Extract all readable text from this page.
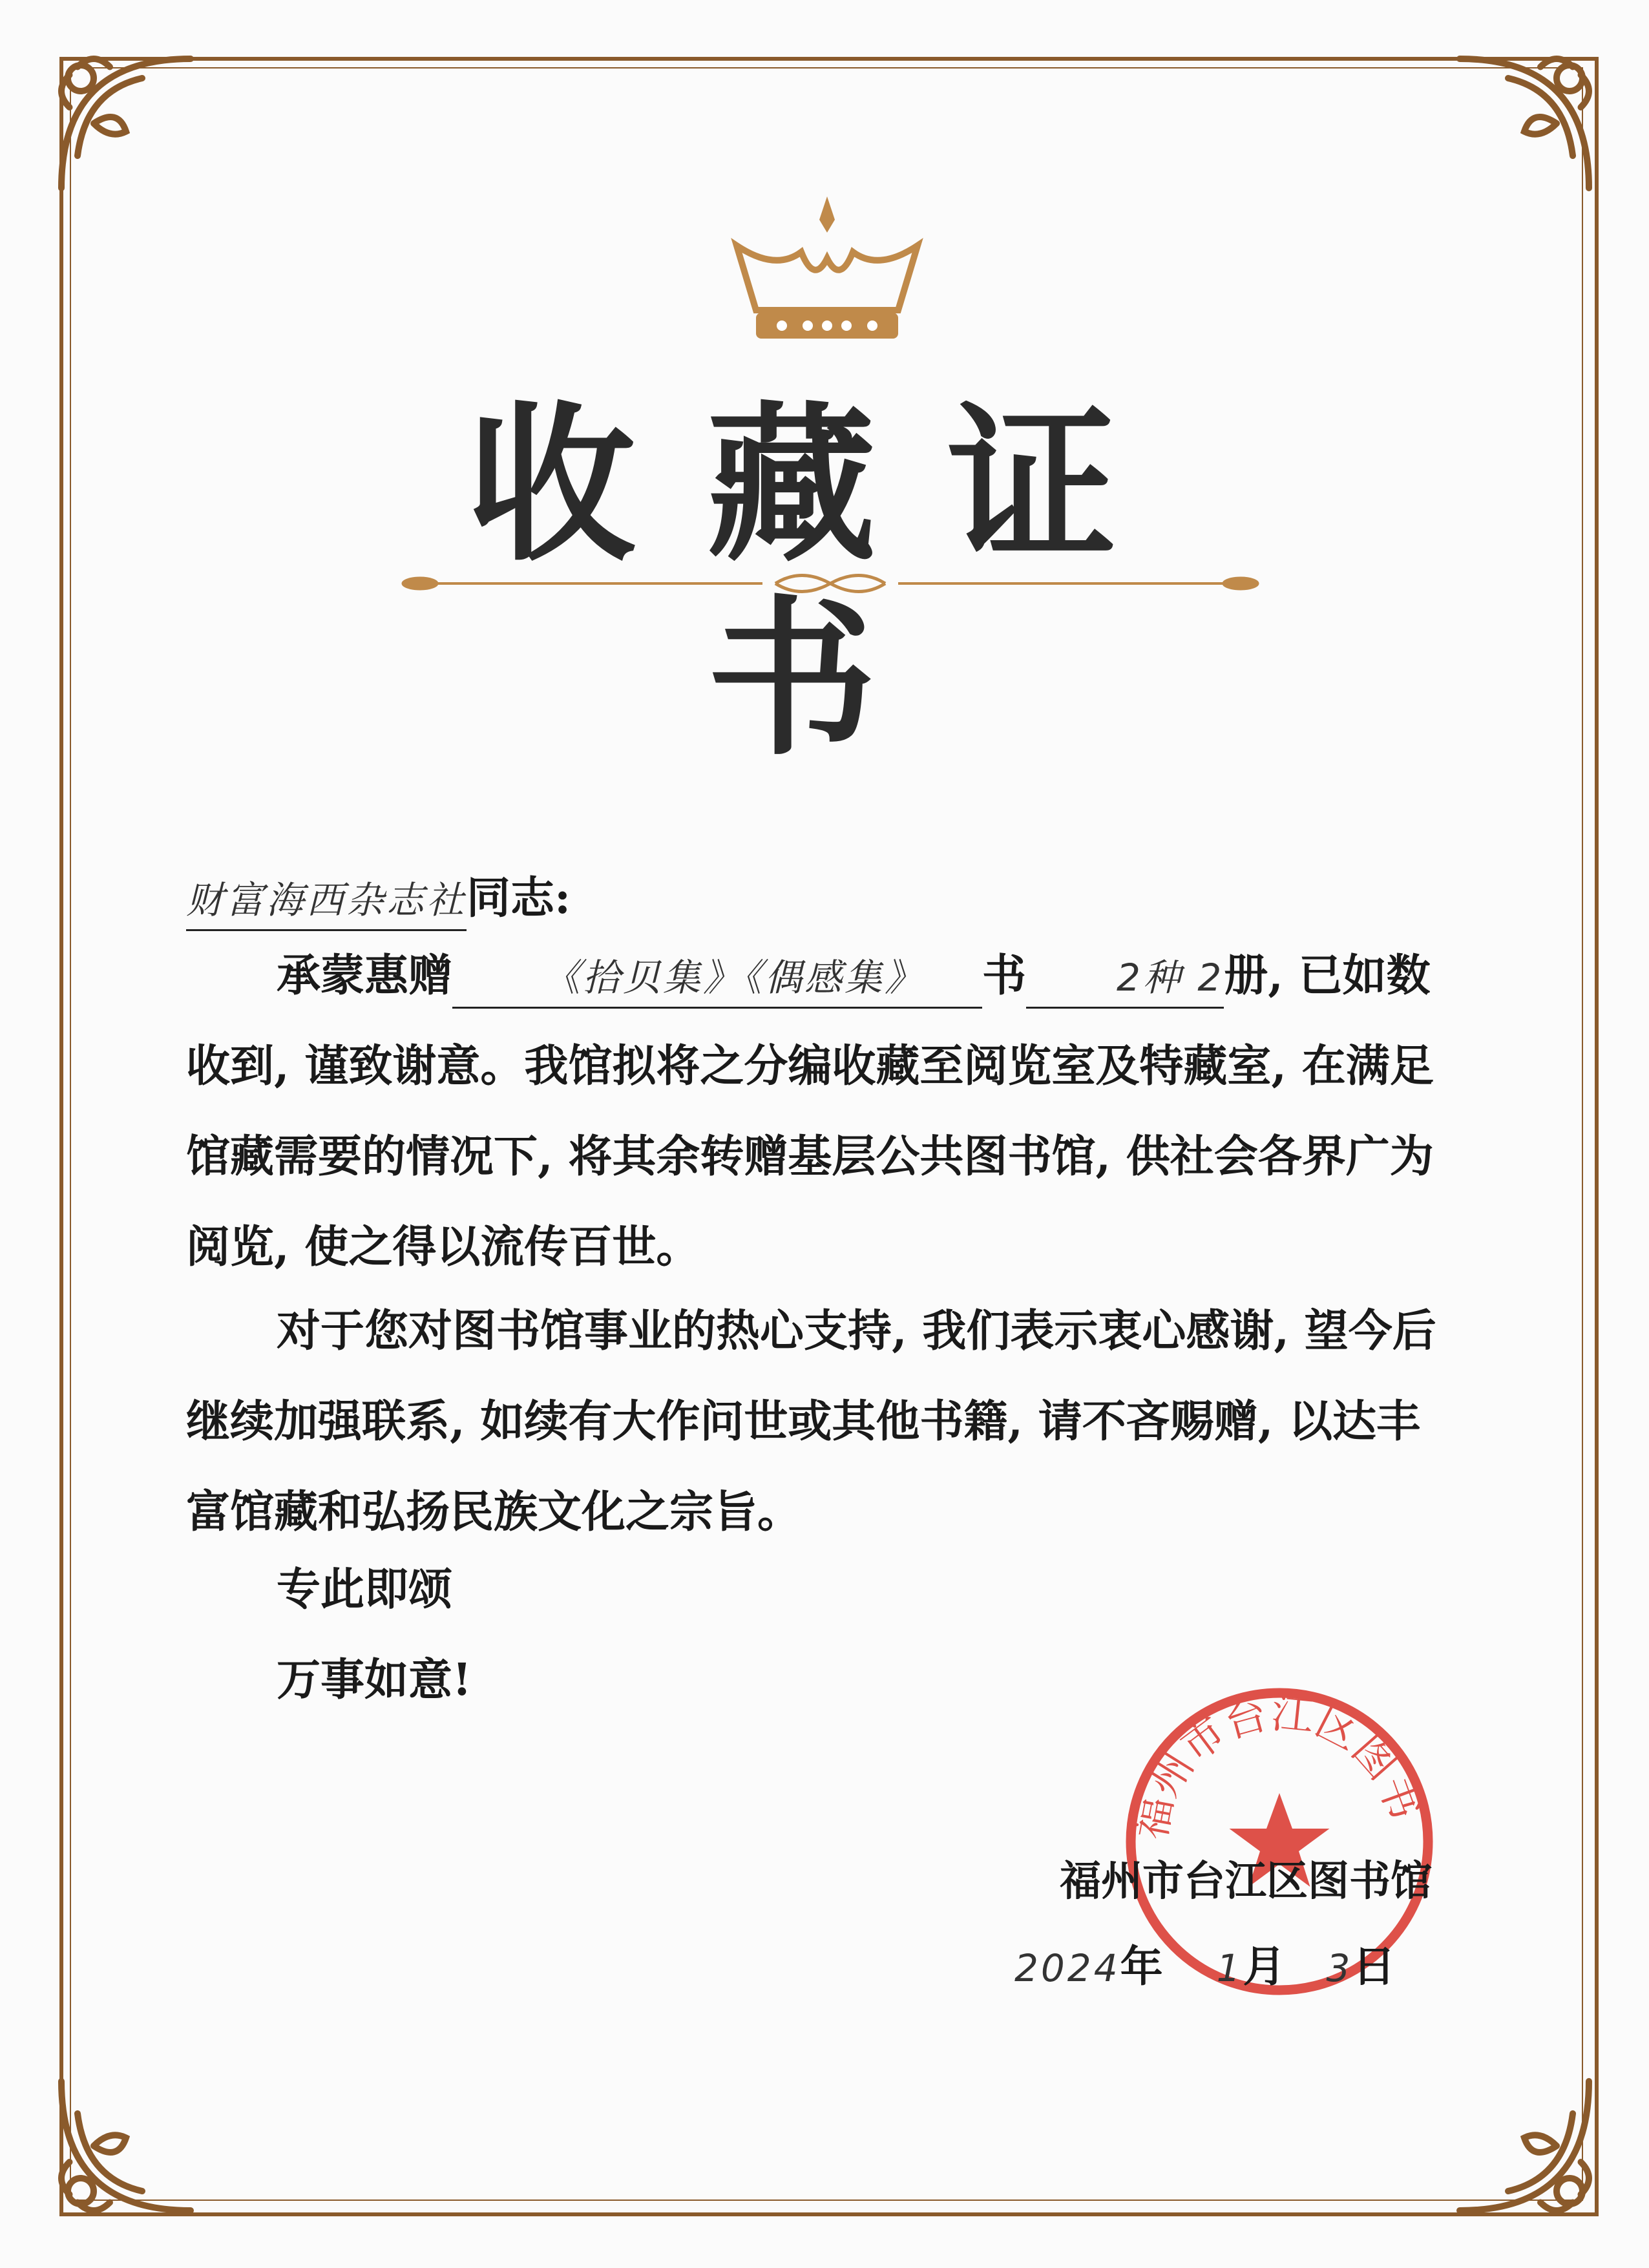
收藏证书
财富海西杂志社同志:
承蒙惠赠 《拾贝集》《偶感集》 书 2种 2册, 已如数收到, 谨致谢意。我馆拟将之分编收藏至阅览室及特藏室, 在满足馆藏需要的情况下, 将其余转赠基层公共图书馆, 供社会各界广为阅览, 使之得以流传百世。
对于您对图书馆事业的热心支持, 我们表示衷心感谢, 望今后继续加强联系, 如续有大作问世或其他书籍, 请不吝赐赠, 以达丰富馆藏和弘扬民族文化之宗旨。
专此即颂
万事如意!
福州市台江区图书
福州市台江区图书馆
2024年 1月 3日
